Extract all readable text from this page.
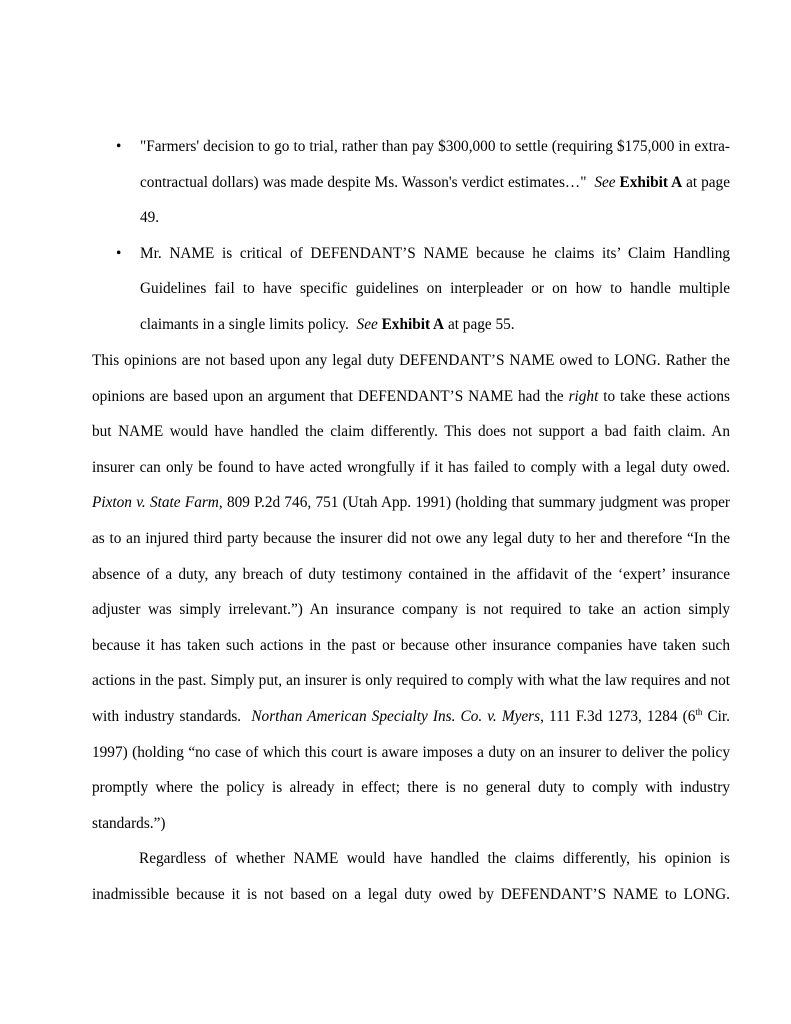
• "Farmers' decision to go to trial, rather than pay $300,000 to settle (requiring $175,000 in extra-contractual dollars) was made despite Ms. Wasson's verdict estimates…" See Exhibit A at page 49.
• Mr. NAME is critical of DEFENDANT’S NAME because he claims its’ Claim Handling Guidelines fail to have specific guidelines on interpleader or on how to handle multiple claimants in a single limits policy. See Exhibit A at page 55.

This opinions are not based upon any legal duty DEFENDANT’S NAME owed to LONG. Rather the opinions are based upon an argument that DEFENDANT’S NAME had the right to take these actions but NAME would have handled the claim differently. This does not support a bad faith claim. An insurer can only be found to have acted wrongfully if it has failed to comply with a legal duty owed. Pixton v. State Farm, 809 P.2d 746, 751 (Utah App. 1991) (holding that summary judgment was proper as to an injured third party because the insurer did not owe any legal duty to her and therefore “In the absence of a duty, any breach of duty testimony contained in the affidavit of the ‘expert’ insurance adjuster was simply irrelevant.”) An insurance company is not required to take an action simply because it has taken such actions in the past or because other insurance companies have taken such actions in the past. Simply put, an insurer is only required to comply with what the law requires and not with industry standards. Northan American Specialty Ins. Co. v. Myers, 111 F.3d 1273, 1284 (6th Cir. 1997) (holding “no case of which this court is aware imposes a duty on an insurer to deliver the policy promptly where the policy is already in effect; there is no general duty to comply with industry standards.”)

Regardless of whether NAME would have handled the claims differently, his opinion is inadmissible because it is not based on a legal duty owed by DEFENDANT’S NAME to LONG.
